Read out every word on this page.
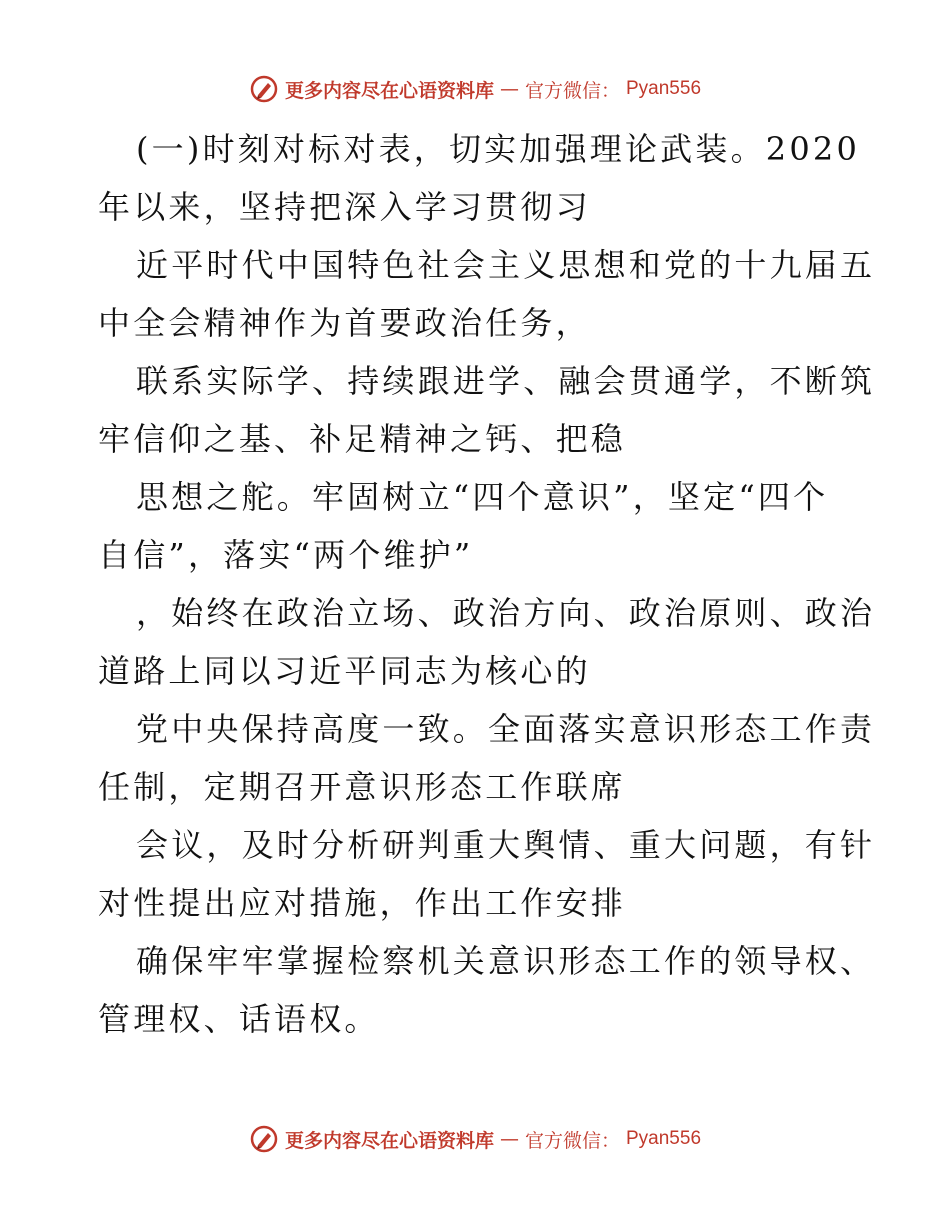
更多内容尽在心语资料库 — 官方微信： Pyan556
(一)时刻对标对表，切实加强理论武装。2020
年以来，坚持把深入学习贯彻习
近平时代中国特色社会主义思想和党的十九届五
中全会精神作为首要政治任务，
联系实际学、持续跟进学、融会贯通学，不断筑
牢信仰之基、补足精神之钙、把稳
思想之舵。牢固树立“四个意识”，坚定“四个
自信”，落实“两个维护”
，始终在政治立场、政治方向、政治原则、政治
道路上同以习近平同志为核心的
党中央保持高度一致。全面落实意识形态工作责
任制，定期召开意识形态工作联席
会议，及时分析研判重大舆情、重大问题，有针
对性提出应对措施，作出工作安排
确保牢牢掌握检察机关意识形态工作的领导权、
管理权、话语权。
更多内容尽在心语资料库 — 官方微信： Pyan556
